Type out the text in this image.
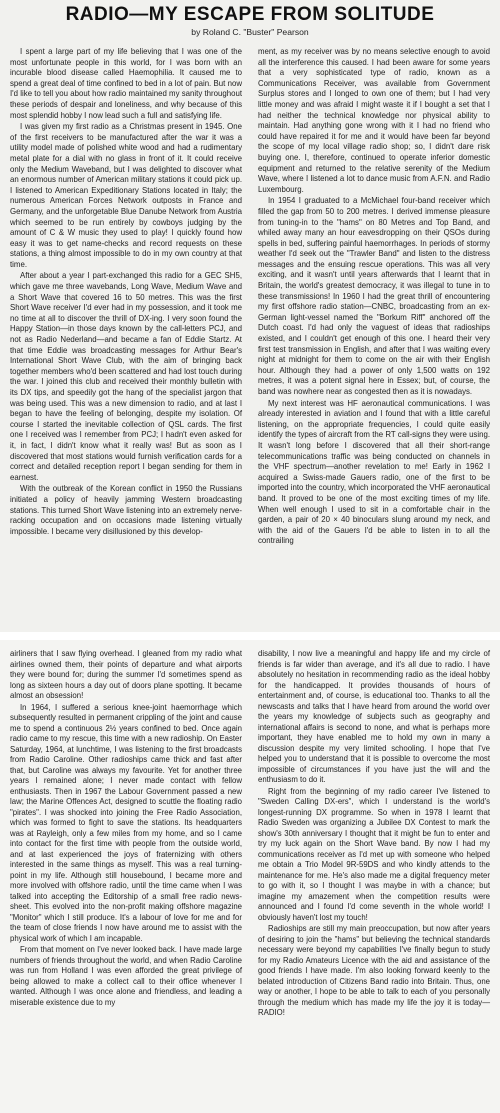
RADIO—MY ESCAPE FROM SOLITUDE
by Roland C. "Buster" Pearson

I spent a large part of my life believing that I was one of the most unfortunate people in this world, for I was born with an incurable blood disease called Haemophilia. It caused me to spend a great deal of time confined to bed in a lot of pain. But now I'd like to tell you about how radio maintained my sanity throughout these periods of despair and loneliness, and why because of this most splendid hobby I now lead such a full and satisfying life.

I was given my first radio as a Christmas present in 1945. One of the first receivers to be manufactured after the war it was a utility model made of polished white wood and had a rudimentary metal plate for a dial with no glass in front of it. It could receive only the Medium Waveband, but I was delighted to discover what an enormous number of American military stations it could pick up. I listened to American Expeditionary Stations located in Italy; the numerous American Forces Network outposts in France and Germany, and the unforgetable Blue Danube Network from Austria which seemed to be run entirely by cowboys judging by the amount of C & W music they used to play! I quickly found how easy it was to get name-checks and record requests on these stations, a thing almost impossible to do in my own country at that time.

After about a year I part-exchanged this radio for a GEC SH5, which gave me three wavebands, Long Wave, Medium Wave and a Short Wave that covered 16 to 50 metres. This was the first Short Wave receiver I'd ever had in my possession, and it took me no time at all to discover the thrill of DX-ing. I very soon found the Happy Station—in those days known by the call-letters PCJ, and not as Radio Nederland—and became a fan of Eddie Startz. At that time Eddie was broadcasting messages for Arthur Bear's International Short Wave Club, with the aim of bringing back together members who'd been scattered and had lost touch during the war. I joined this club and received their monthly bulletin with its DX tips, and speedily got the hang of the specialist jargon that was being used. This was a new dimension to radio, and at last I began to have the feeling of belonging, despite my isolation. Of course I started the inevitable collection of QSL cards. The first one I received was I remember from PCJ; I hadn't even asked for it, in fact, I didn't know what it really was! But as soon as I discovered that most stations would furnish verification cards for a correct and detailed reception report I began sending for them in earnest.

With the outbreak of the Korean conflict in 1950 the Russians initiated a policy of heavily jamming Western broadcasting stations. This turned Short Wave listening into an extremely nerve-racking occupation and on occasions made listening virtually impossible. I became very disillusioned by this develop-

ment, as my receiver was by no means selective enough to avoid all the interference this caused. I had been aware for some years that a very sophisticated type of radio, known as a Communications Receiver, was available from Government Surplus stores and I longed to own one of them; but I had very little money and was afraid I might waste it if I bought a set that I had neither the technical knowledge nor physical ability to maintain. Had anything gone wrong with it I had no friend who could have repaired it for me and it would have been far beyond the scope of my local village radio shop; so, I didn't dare risk buying one. I, therefore, continued to operate inferior domestic equipment and returned to the relative serenity of the Medium Wave, where I listened a lot to dance music from A.F.N. and Radio Luxembourg.

In 1954 I graduated to a McMichael four-band receiver which filled the gap from 50 to 200 metres. I derived immense pleasure from tuning-in to the "hams" on 80 Metres and Top Band, and whiled away many an hour eavesdropping on their QSOs during spells in bed, suffering painful haemorrhages. In periods of stormy weather I'd seek out the "Trawler Band" and listen to the distress messages and the ensuing rescue operations. This was all very exciting, and it wasn't until years afterwards that I learnt that in Britain, the world's greatest democracy, it was illegal to tune in to these transmissions! In 1960 I had the great thrill of encountering my first offshore radio station—CNBC, broadcasting from an ex-German light-vessel named the "Borkum Riff" anchored off the Dutch coast. I'd had only the vaguest of ideas that radioships existed, and I couldn't get enough of this one. I heard their very first test transmission in English, and after that I was waiting every night at midnight for them to come on the air with their English hour. Although they had a power of only 1,500 watts on 192 metres, it was a potent signal here in Essex; but, of course, the band was nowhere near as congested then as it is nowadays.

My next interest was HF aeronautical communications. I was already interested in aviation and I found that with a little careful listening, on the appropriate frequencies, I could quite easily identify the types of aircraft from the RT call-signs they were using. It wasn't long before I discovered that all their short-range telecommunications traffic was being conducted on channels in the VHF spectrum—another revelation to me! Early in 1962 I acquired a Swiss-made Gauers radio, one of the first to be imported into the country, which incorporated the VHF aeronautical band. It proved to be one of the most exciting times of my life. When well enough I used to sit in a comfortable chair in the garden, a pair of 20 × 40 binoculars slung around my neck, and with the aid of the Gauers I'd be able to listen in to all the contrailing

airliners that I saw flying overhead. I gleaned from my radio what airlines owned them, their points of departure and what airports they were bound for; during the summer I'd sometimes spend as long as sixteen hours a day out of doors plane spotting. It became almost an obsession!

In 1964, I suffered a serious knee-joint haemorrhage which subsequently resulted in permanent crippling of the joint and cause me to spend a continuous 2½ years confined to bed. Once again radio came to my rescue, this time with a new radioship. On Easter Saturday, 1964, at lunchtime, I was listening to the first broadcasts from Radio Caroline. Other radioships came thick and fast after that, but Caroline was always my favourite. Yet for another three years I remained alone; I never made contact with fellow enthusiasts. Then in 1967 the Labour Government passed a new law; the Marine Offences Act, designed to scuttle the floating radio "pirates". I was shocked into joining the Free Radio Association, which was formed to fight to save the stations. Its headquarters was at Rayleigh, only a few miles from my home, and so I came into contact for the first time with people from the outside world, and at last experienced the joys of fraternizing with others interested in the same things as myself. This was a real turning-point in my life. Although still housebound, I became more and more involved with offshore radio, until the time came when I was talked into accepting the Editorship of a small free radio news-sheet. This evolved into the non-profit making offshore magazine "Monitor" which I still produce. It's a labour of love for me and for the team of close friends I now have around me to assist with the physical work of which I am incapable.

From that moment on I've never looked back. I have made large numbers of friends throughout the world, and when Radio Caroline was run from Holland I was even afforded the great privilege of being allowed to make a collect call to their office whenever I wanted. Although I was once alone and friendless, and leading a miserable existence due to my

disability, I now live a meaningful and happy life and my circle of friends is far wider than average, and it's all due to radio. I have absolutely no hesitation in recommending radio as the ideal hobby for the handicapped. It provides thousands of hours of entertainment and, of course, is educational too. Thanks to all the newscasts and talks that I have heard from around the world over the years my knowledge of subjects such as geography and international affairs is second to none, and what is perhaps more important, they have enabled me to hold my own in many a discussion despite my very limited schooling. I hope that I've helped you to understand that it is possible to overcome the most impossible of circumstances if you have just the will and the enthusiasm to do it.

Right from the beginning of my radio career I've listened to "Sweden Calling DX-ers", which I understand is the world's longest-running DX programme. So when in 1978 I learnt that Radio Sweden was organizing a Jubilee DX Contest to mark the show's 30th anniversary I thought that it might be fun to enter and try my luck again on the Short Wave band. By now I had my communications receiver as I'd met up with someone who helped me obtain a Trio Model 9R-59DS and who kindly attends to the maintenance for me. He's also made me a digital frequency meter to go with it, so I thought I was maybe in with a chance; but imagine my amazement when the competition results were announced and I found I'd come seventh in the whole world! I obviously haven't lost my touch!

Radioships are still my main preoccupation, but now after years of desiring to join the "hams" but believing the technical standards necessary were beyond my capabilities I've finally begun to study for my Radio Amateurs Licence with the aid and assistance of the good friends I have made. I'm also looking forward keenly to the belated introduction of Citizens Band radio into Britain. Thus, one way or another, I hope to be able to talk to each of you personally through the medium which has made my life the joy it is today—RADIO!
